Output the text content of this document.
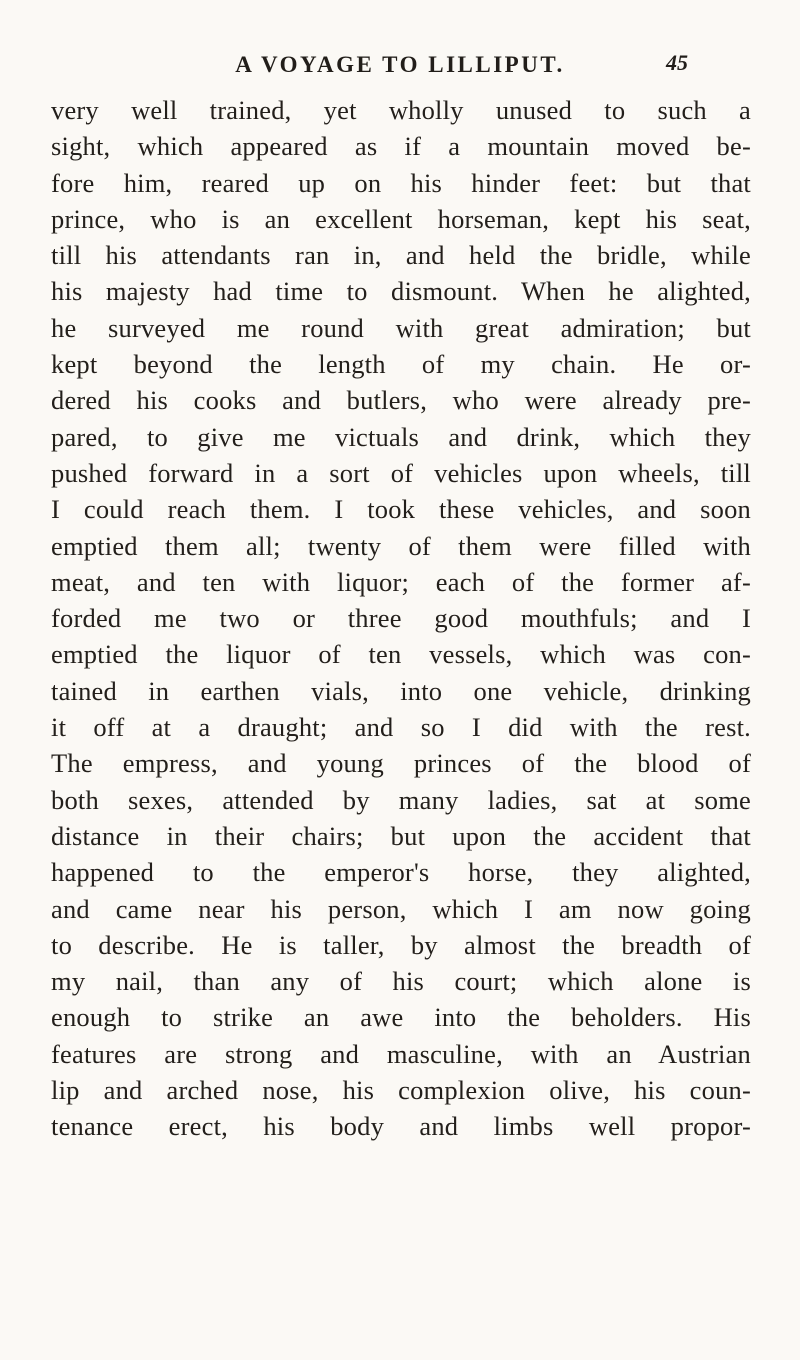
A VOYAGE TO LILLIPUT.	45
very well trained, yet wholly unused to such a
sight, which appeared as if a mountain moved be-
fore him, reared up on his hinder feet: but that
prince, who is an excellent horseman, kept his seat,
till his attendants ran in, and held the bridle, while
his majesty had time to dismount. When he alighted,
he surveyed me round with great admiration; but
kept beyond the length of my chain. He or-
dered his cooks and butlers, who were already pre-
pared, to give me victuals and drink, which they
pushed forward in a sort of vehicles upon wheels, till
I could reach them. I took these vehicles, and soon
emptied them all; twenty of them were filled with
meat, and ten with liquor; each of the former af-
forded me two or three good mouthfuls; and I
emptied the liquor of ten vessels, which was con-
tained in earthen vials, into one vehicle, drinking
it off at a draught; and so I did with the rest.
The empress, and young princes of the blood of
both sexes, attended by many ladies, sat at some
distance in their chairs; but upon the accident that
happened to the emperor's horse, they alighted,
and came near his person, which I am now going
to describe. He is taller, by almost the breadth of
my nail, than any of his court; which alone is
enough to strike an awe into the beholders. His
features are strong and masculine, with an Austrian
lip and arched nose, his complexion olive, his coun-
tenance erect, his body and limbs well propor-
